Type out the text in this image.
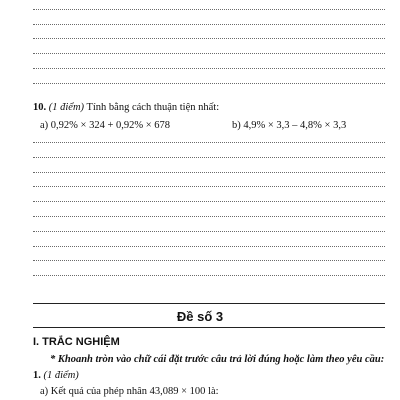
10. (1 điểm) Tính bằng cách thuận tiện nhất:
a) 0,92% × 324 + 0,92% × 678	b) 4,9% × 3,3 – 4,8% × 3,3
Đề số 3
I. TRẮC NGHIỆM
* Khoanh tròn vào chữ cái đặt trước câu trả lời đúng hoặc làm theo yêu cầu:
1. (1 điểm)
a) Kết quả của phép nhân 43,089 × 100 là:
